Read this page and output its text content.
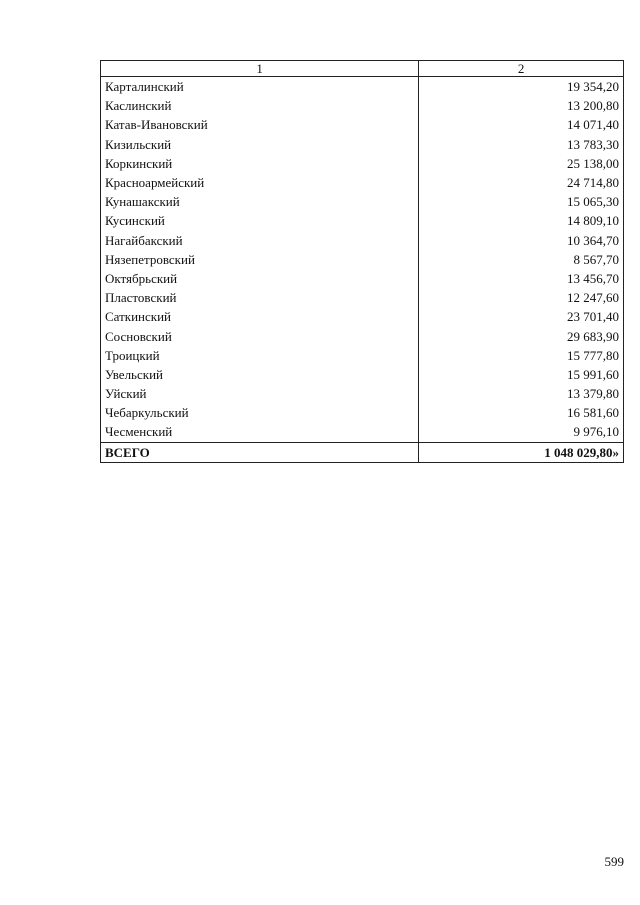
1	2
Карталинский	19 354,20
Каслинский	13 200,80
Катав-Ивановский	14 071,40
Кизильский	13 783,30
Коркинский	25 138,00
Красноармейский	24 714,80
Кунашакский	15 065,30
Кусинский	14 809,10
Нагайбакский	10 364,70
Нязепетровский	8 567,70
Октябрьский	13 456,70
Пластовский	12 247,60
Саткинский	23 701,40
Сосновский	29 683,90
Троицкий	15 777,80
Увельский	15 991,60
Уйский	13 379,80
Чебаркульский	16 581,60
Чесменский	9 976,10
ВСЕГО	1 048 029,80»
599
